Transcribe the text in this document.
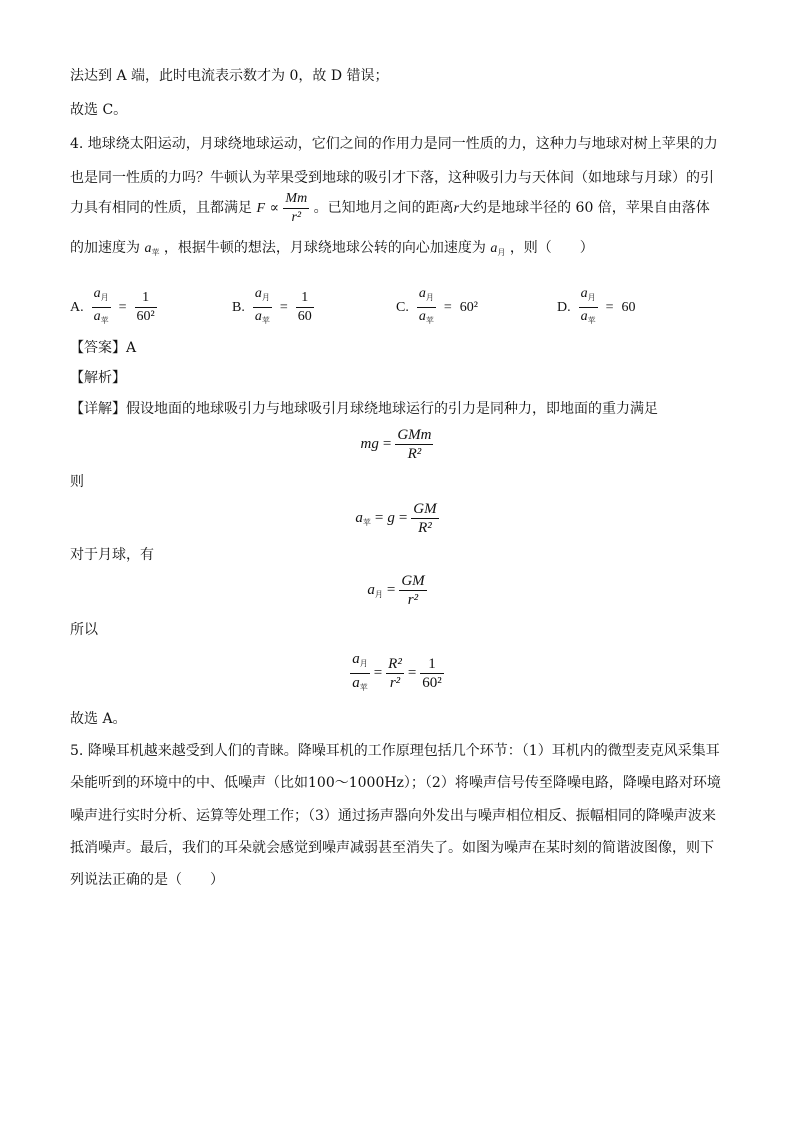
法达到 A 端，此时电流表示数才为 0，故 D 错误；
故选 C。
4. 地球绕太阳运动，月球绕地球运动，它们之间的作用力是同一性质的力，这种力与地球对树上苹果的力
也是同一性质的力吗？牛顿认为苹果受到地球的吸引才下落，这种吸引力与天体间（如地球与月球）的引
力具有相同的性质，且都满足 $F \propto \frac{Mm}{\text{r²}}$ 。已知地月之间的距离r大约是地球半径的 60 倍，苹果自由落体
的加速度为 $a_苹$ ，根据牛顿的想法，月球绕地球公转的向心加速度为 $a_月$ ，则（　　）
A. $\frac{a_月}{a_苹} = \frac{1}{\text{60²}}$	B. $\frac{a_月}{a_苹} = \frac{1}{60}$	C. $\frac{a_月}{a_苹} = 60^2$	D. $\frac{a_月}{a_苹} = 60$
【答案】A
【解析】
【详解】假设地面的地球吸引力与地球吸引月球绕地球运行的引力是同种力，即地面的重力满足
mg = $\frac{\text{GMm}}{\text{R²}}$
则
$a_苹 = g = \frac{GM}{\text{R²}}$
对于月球，有
$a_月 = \frac{GM}{\text{r²}}$
所以
$\frac{a_月}{a_苹} = \frac{\text{R²}}{\text{r²}} = \frac{1}{\text{60²}}$
故选 A。
5. 降噪耳机越来越受到人们的青睐。降噪耳机的工作原理包括几个环节：（1）耳机内的微型麦克风采集耳
朵能听到的环境中的中、低噪声（比如100～1000Hz）；（2）将噪声信号传至降噪电路，降噪电路对环境
噪声进行实时分析、运算等处理工作；（3）通过扬声器向外发出与噪声相位相反、振幅相同的降噪声波来
抵消噪声。最后，我们的耳朵就会感觉到噪声减弱甚至消失了。如图为噪声在某时刻的简谐波图像，则下
列说法正确的是（　　）
